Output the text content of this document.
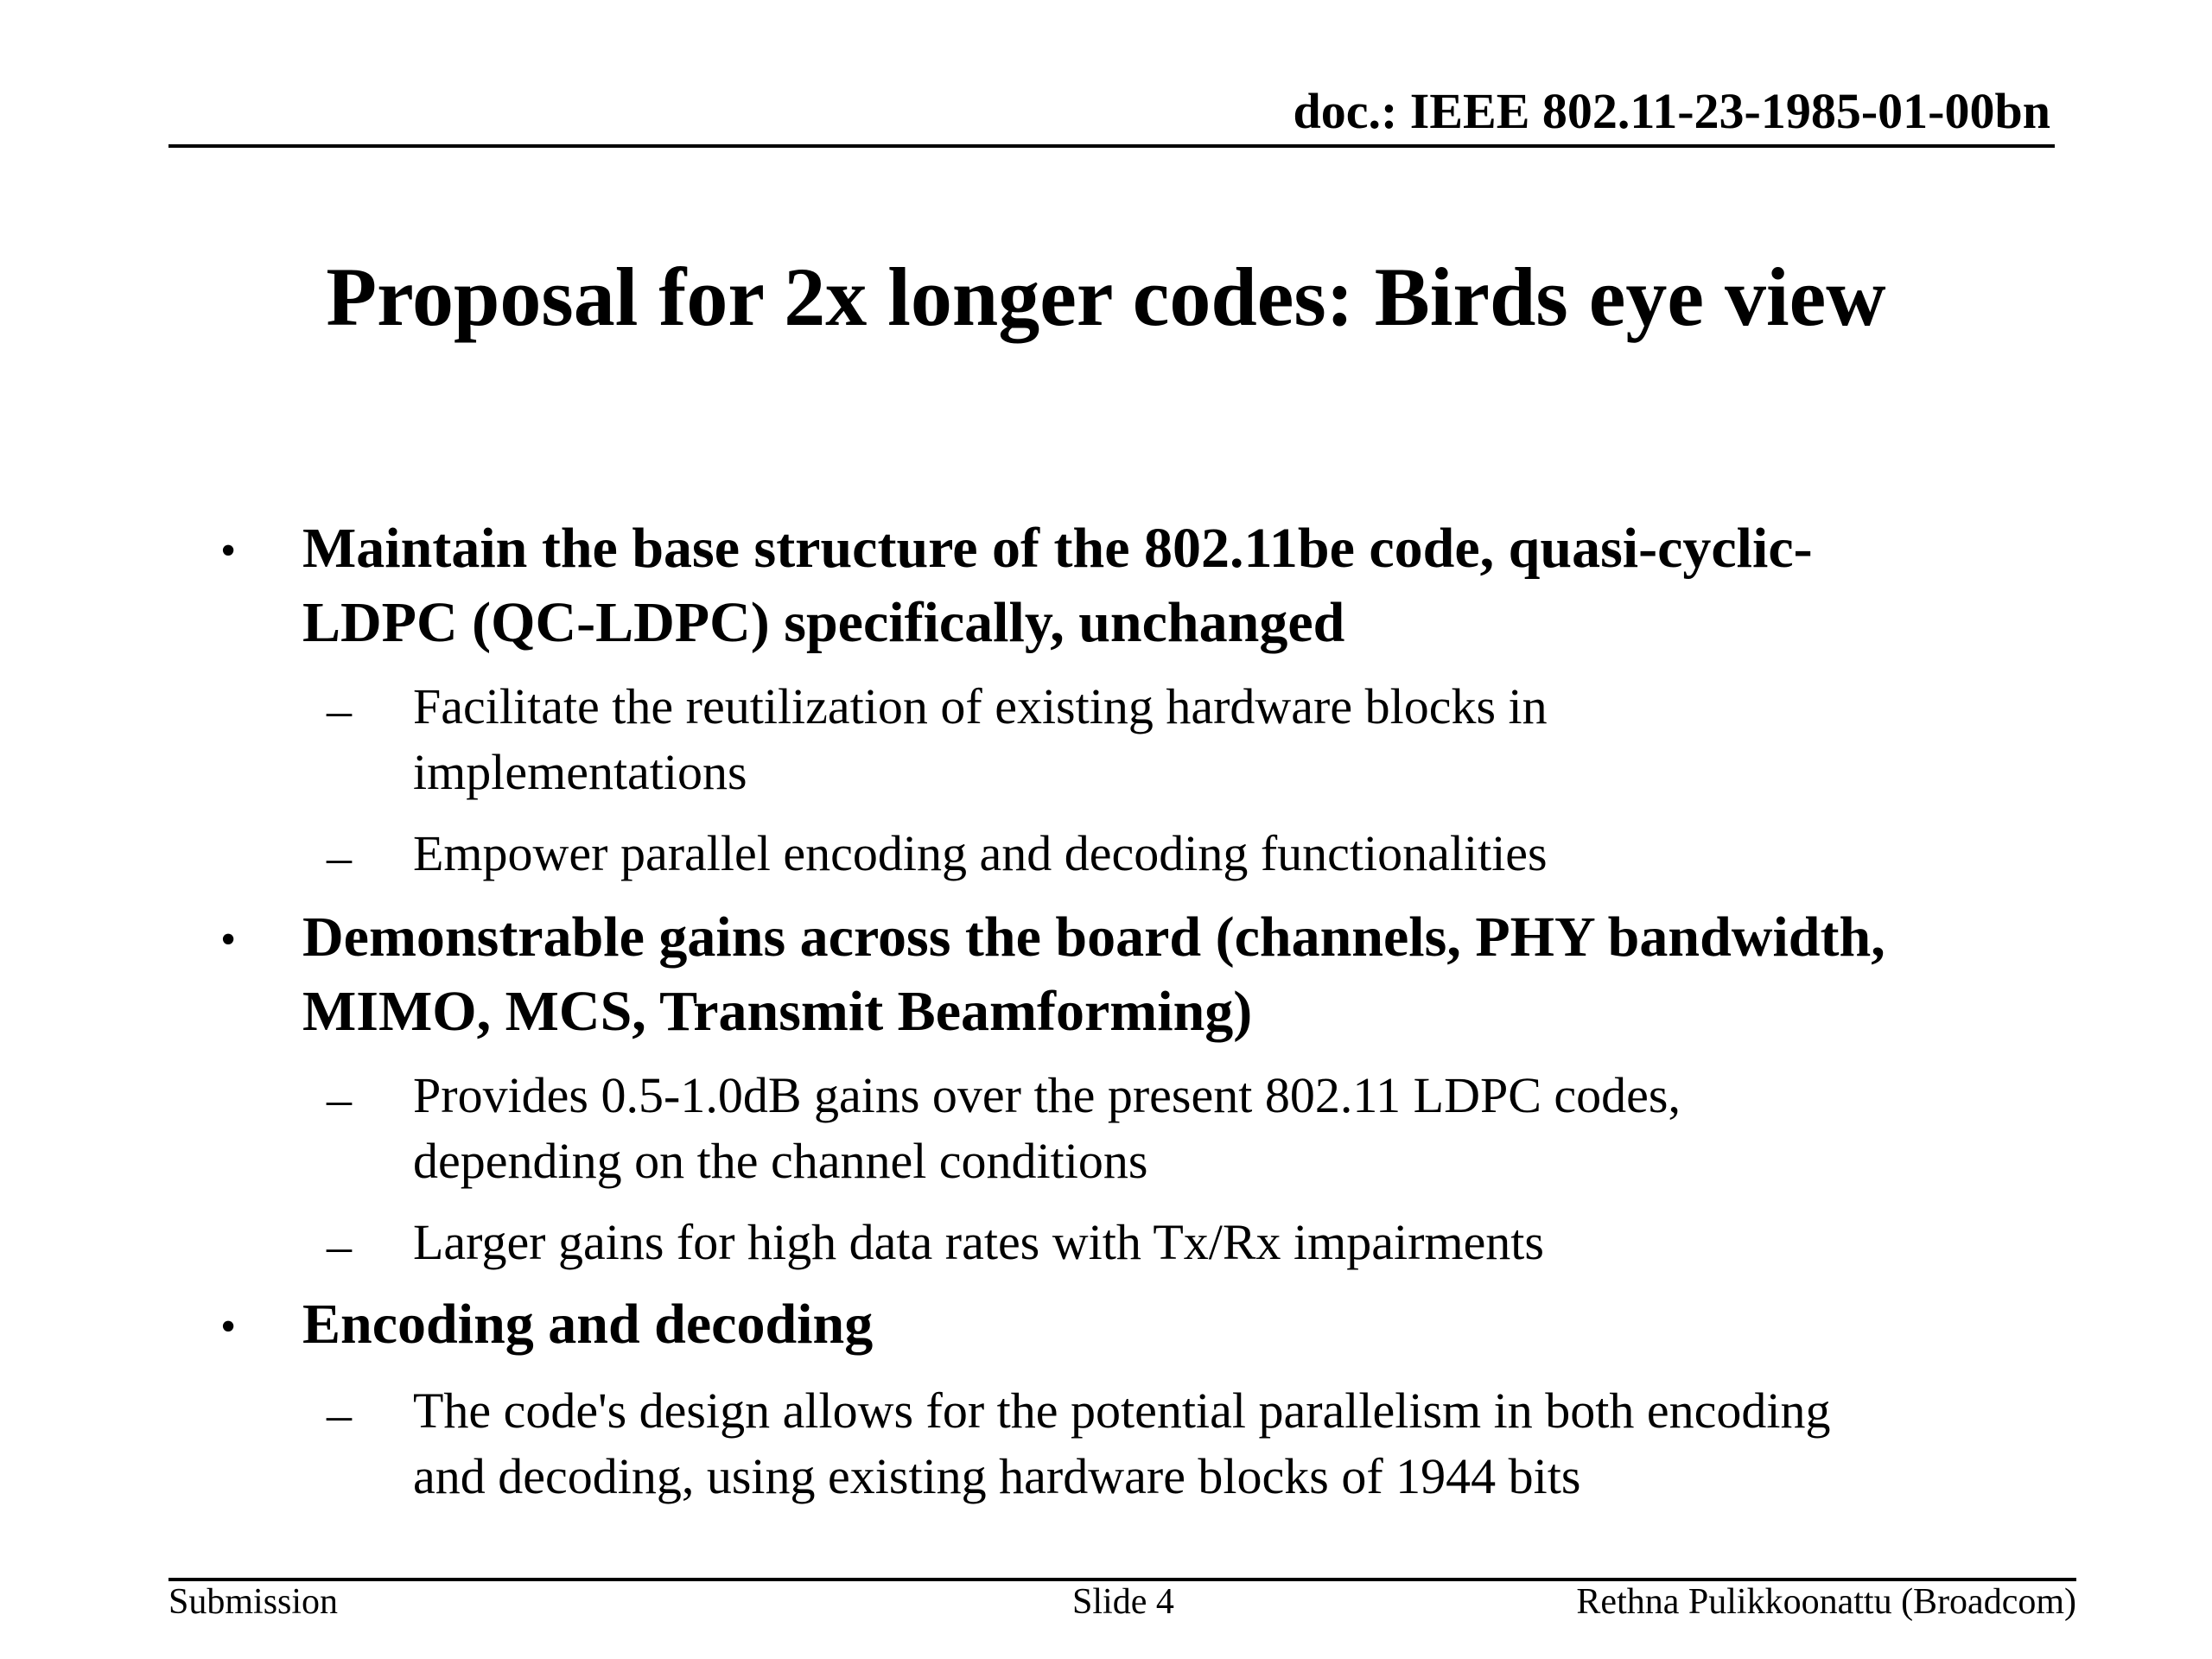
doc.: IEEE 802.11-23-1985-01-00bn
Proposal for 2x longer codes: Birds eye view
• Maintain the base structure of the 802.11be code, quasi-cyclic-
LDPC (QC-LDPC) specifically, unchanged
– Facilitate the reutilization of existing hardware blocks in
implementations
– Empower parallel encoding and decoding functionalities
• Demonstrable gains across the board (channels, PHY bandwidth,
MIMO, MCS, Transmit Beamforming)
– Provides 0.5-1.0dB gains over the present 802.11 LDPC codes,
depending on the channel conditions
– Larger gains for high data rates with Tx/Rx impairments
• Encoding and decoding
– The code's design allows for the potential parallelism in both encoding
and decoding, using existing hardware blocks of 1944 bits
Submission	Slide 4	Rethna Pulikkoonattu (Broadcom)
